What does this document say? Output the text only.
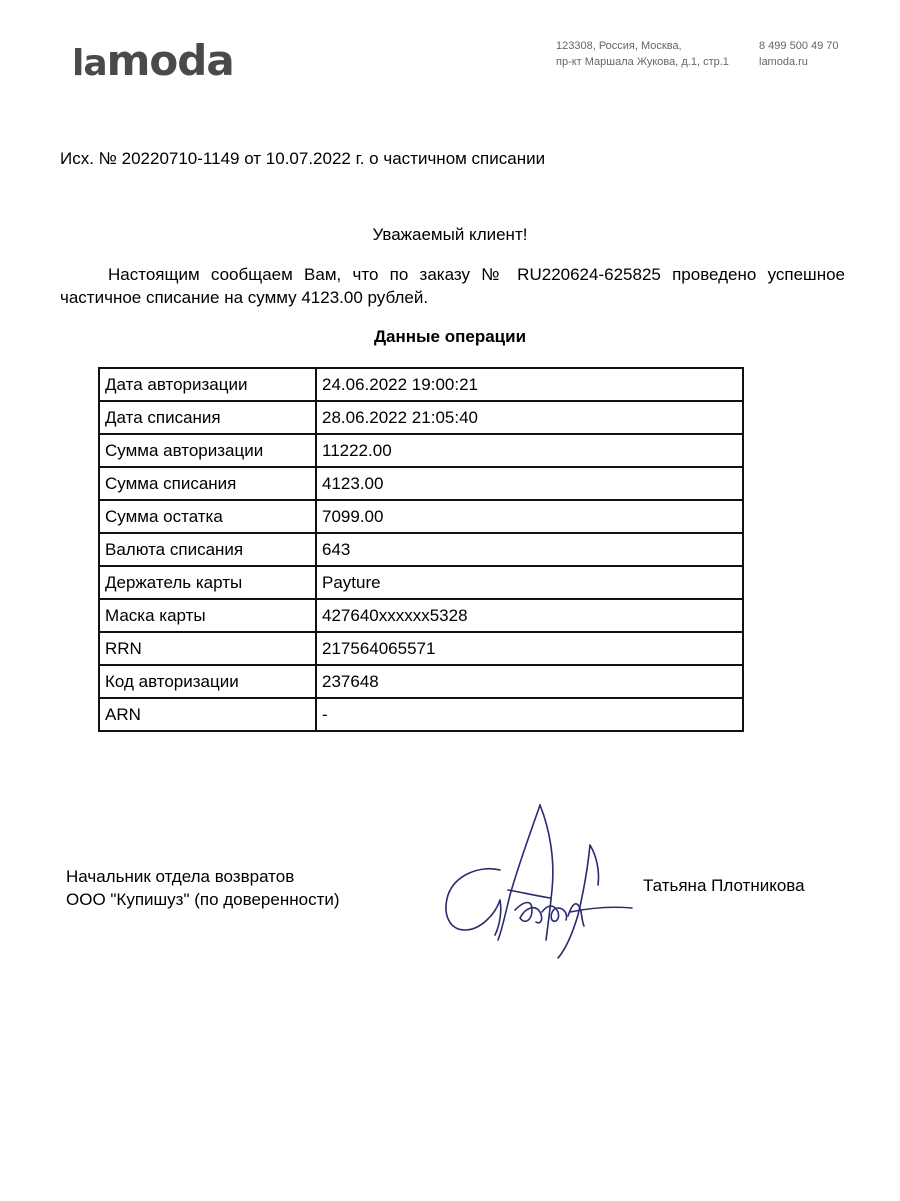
lamoda	123308, Россия, Москва,
пр-кт Маршала Жукова, д.1, стр.1
8 499 500 49 70
lamoda.ru
Исх. № 20220710-1149 от 10.07.2022 г. о частичном списании
Уважаемый клиент!
Настоящим сообщаем Вам, что по заказу № RU220624-625825 проведено успешное частичное списание на сумму 4123.00 рублей.
Данные операции
Дата авторизации	24.06.2022 19:00:21
Дата списания	28.06.2022 21:05:40
Сумма авторизации	11222.00
Сумма списания	4123.00
Сумма остатка	7099.00
Валюта списания	643
Держатель карты	Payture
Маска карты	427640xxxxxx5328
RRN	217564065571
Код авторизации	237648
ARN	-
Начальник отдела возвратов
ООО "Купишуз" (по доверенности)
Татьяна Плотникова
